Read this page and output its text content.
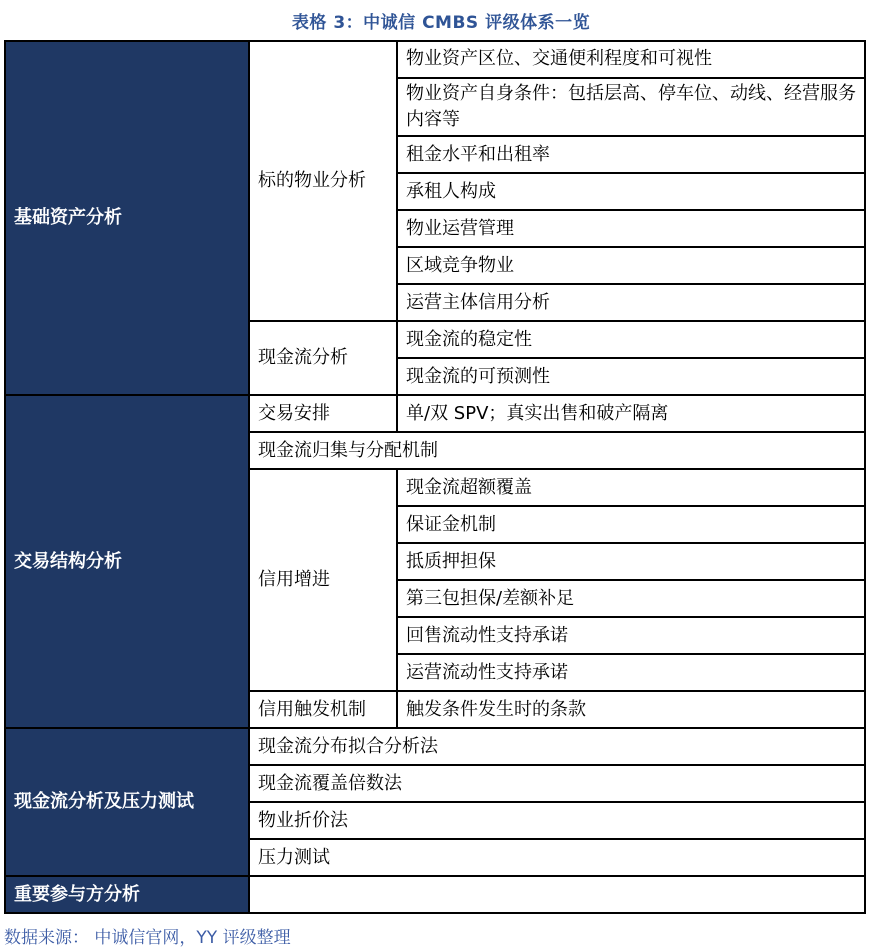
表格 3：中诚信 CMBS 评级体系一览
基础资产分析	标的物业分析	物业资产区位、交通便利程度和可视性
		物业资产自身条件：包括层高、停车位、动线、经营服务内容等
		租金水平和出租率
		承租人构成
		物业运营管理
		区域竞争物业
		运营主体信用分析
	现金流分析	现金流的稳定性
		现金流的可预测性
交易结构分析	交易安排	单/双 SPV；真实出售和破产隔离
	现金流归集与分配机制	
	信用增进	现金流超额覆盖
		保证金机制
		抵质押担保
		第三包担保/差额补足
		回售流动性支持承诺
		运营流动性支持承诺
	信用触发机制	触发条件发生时的条款
现金流分析及压力测试	现金流分布拟合分析法	
	现金流覆盖倍数法	
	物业折价法	
	压力测试	
重要参与方分析		
数据来源： 中诚信官网，YY 评级整理
